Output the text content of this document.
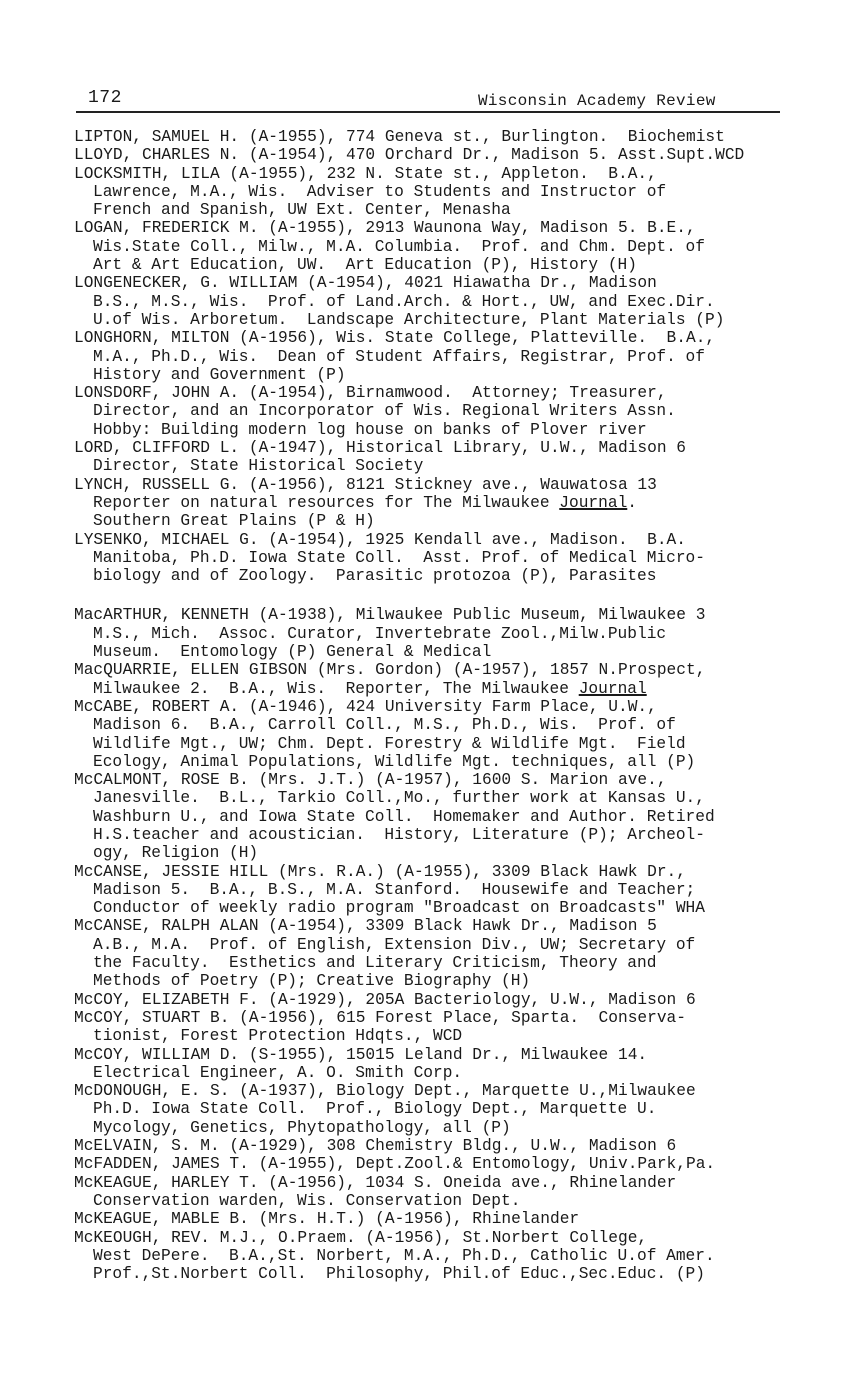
172	Wisconsin Academy Review
LIPTON, SAMUEL H. (A-1955), 774 Geneva st., Burlington.  Biochemist
LLOYD, CHARLES N. (A-1954), 470 Orchard Dr., Madison 5. Asst.Supt.WCD
LOCKSMITH, LILA (A-1955), 232 N. State st., Appleton.  B.A.,
Lawrence, M.A., Wis.  Adviser to Students and Instructor of
French and Spanish, UW Ext. Center, Menasha
LOGAN, FREDERICK M. (A-1955), 2913 Waunona Way, Madison 5. B.E.,
Wis.State Coll., Milw., M.A. Columbia.  Prof. and Chm. Dept. of
Art & Art Education, UW.  Art Education (P), History (H)
LONGENECKER, G. WILLIAM (A-1954), 4021 Hiawatha Dr., Madison
B.S., M.S., Wis.  Prof. of Land.Arch. & Hort., UW, and Exec.Dir.
U.of Wis. Arboretum.  Landscape Architecture, Plant Materials (P)
LONGHORN, MILTON (A-1956), Wis. State College, Platteville.  B.A.,
M.A., Ph.D., Wis.  Dean of Student Affairs, Registrar, Prof. of
History and Government (P)
LONSDORF, JOHN A. (A-1954), Birnamwood.  Attorney; Treasurer,
Director, and an Incorporator of Wis. Regional Writers Assn.
Hobby: Building modern log house on banks of Plover river
LORD, CLIFFORD L. (A-1947), Historical Library, U.W., Madison 6
Director, State Historical Society
LYNCH, RUSSELL G. (A-1956), 8121 Stickney ave., Wauwatosa 13
Reporter on natural resources for The Milwaukee Journal.
Southern Great Plains (P & H)
LYSENKO, MICHAEL G. (A-1954), 1925 Kendall ave., Madison.  B.A.
Manitoba, Ph.D. Iowa State Coll.  Asst. Prof. of Medical Micro-
biology and of Zoology.  Parasitic protozoa (P), Parasites
MacARTHUR, KENNETH (A-1938), Milwaukee Public Museum, Milwaukee 3
M.S., Mich.  Assoc. Curator, Invertebrate Zool.,Milw.Public
Museum.  Entomology (P) General & Medical
MacQUARRIE, ELLEN GIBSON (Mrs. Gordon) (A-1957), 1857 N.Prospect,
Milwaukee 2.  B.A., Wis.  Reporter, The Milwaukee Journal
McCABE, ROBERT A. (A-1946), 424 University Farm Place, U.W.,
Madison 6.  B.A., Carroll Coll., M.S., Ph.D., Wis.  Prof. of
Wildlife Mgt., UW; Chm. Dept. Forestry & Wildlife Mgt.  Field
Ecology, Animal Populations, Wildlife Mgt. techniques, all (P)
McCALMONT, ROSE B. (Mrs. J.T.) (A-1957), 1600 S. Marion ave.,
Janesville.  B.L., Tarkio Coll.,Mo., further work at Kansas U.,
Washburn U., and Iowa State Coll.  Homemaker and Author. Retired
H.S.teacher and acoustician.  History, Literature (P); Archeol-
ogy, Religion (H)
McCANSE, JESSIE HILL (Mrs. R.A.) (A-1955), 3309 Black Hawk Dr.,
Madison 5.  B.A., B.S., M.A. Stanford.  Housewife and Teacher;
Conductor of weekly radio program "Broadcast on Broadcasts" WHA
McCANSE, RALPH ALAN (A-1954), 3309 Black Hawk Dr., Madison 5
A.B., M.A.  Prof. of English, Extension Div., UW; Secretary of
the Faculty.  Esthetics and Literary Criticism, Theory and
Methods of Poetry (P); Creative Biography (H)
McCOY, ELIZABETH F. (A-1929), 205A Bacteriology, U.W., Madison 6
McCOY, STUART B. (A-1956), 615 Forest Place, Sparta.  Conserva-
tionist, Forest Protection Hdqts., WCD
McCOY, WILLIAM D. (S-1955), 15015 Leland Dr., Milwaukee 14.
Electrical Engineer, A. O. Smith Corp.
McDONOUGH, E. S. (A-1937), Biology Dept., Marquette U.,Milwaukee
Ph.D. Iowa State Coll.  Prof., Biology Dept., Marquette U.
Mycology, Genetics, Phytopathology, all (P)
McELVAIN, S. M. (A-1929), 308 Chemistry Bldg., U.W., Madison 6
McFADDEN, JAMES T. (A-1955), Dept.Zool.& Entomology, Univ.Park,Pa.
McKEAGUE, HARLEY T. (A-1956), 1034 S. Oneida ave., Rhinelander
Conservation warden, Wis. Conservation Dept.
McKEAGUE, MABLE B. (Mrs. H.T.) (A-1956), Rhinelander
McKEOUGH, REV. M.J., O.Praem. (A-1956), St.Norbert College,
West DePere.  B.A.,St. Norbert, M.A., Ph.D., Catholic U.of Amer.
Prof.,St.Norbert Coll.  Philosophy, Phil.of Educ.,Sec.Educ. (P)
